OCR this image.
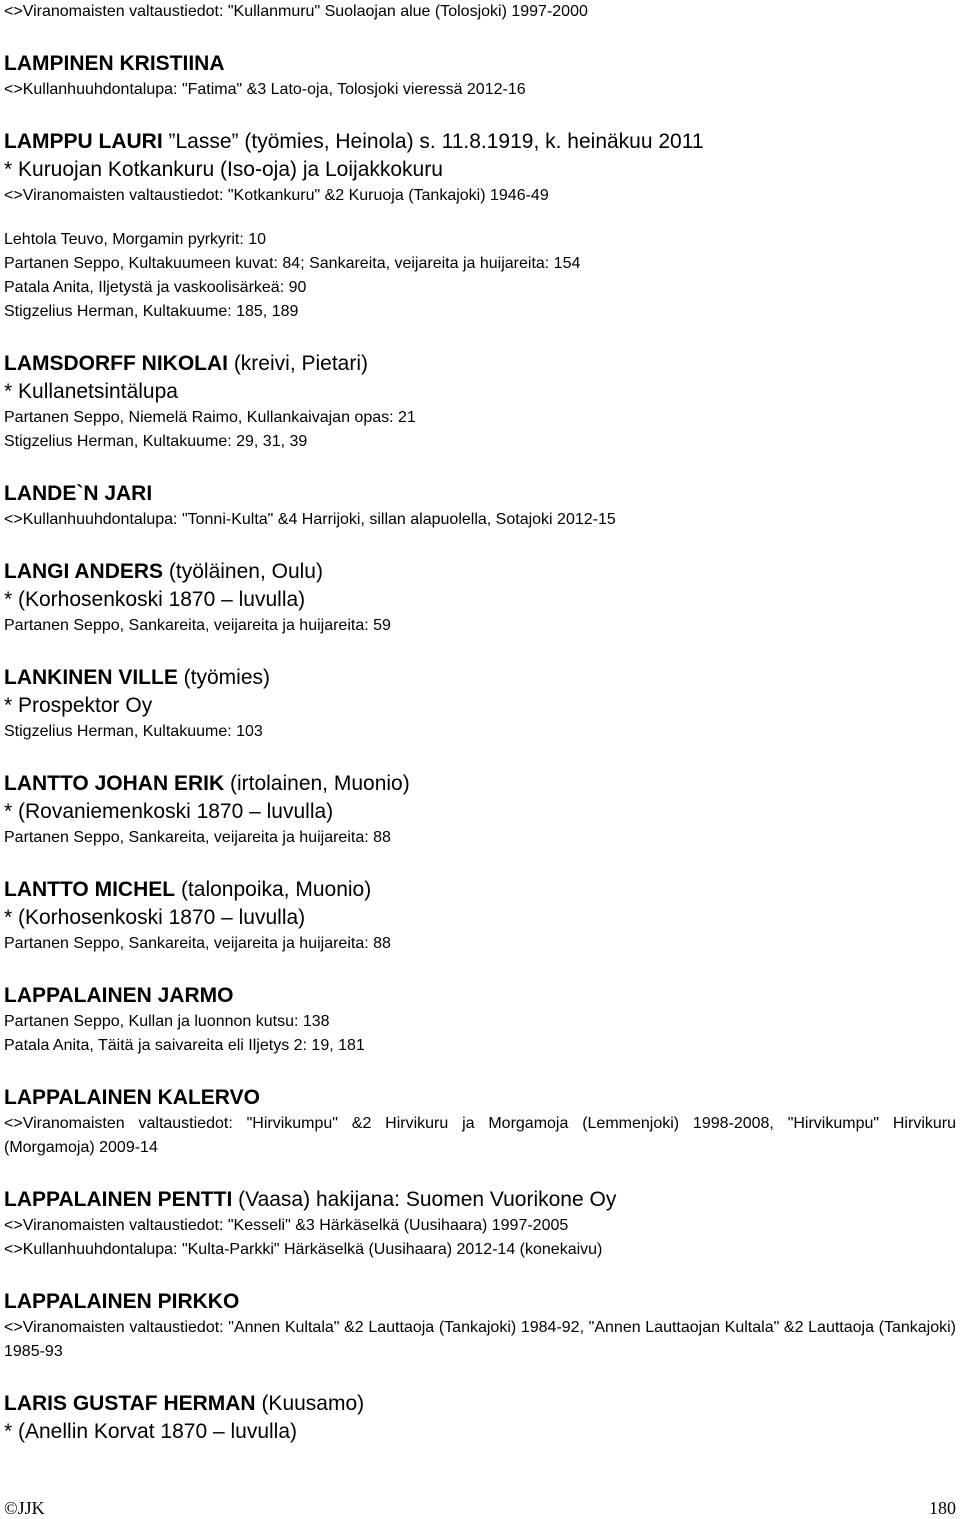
<>Viranomaisten valtaustiedot: "Kullanmuru" Suolaojan alue (Tolosjoki) 1997-2000
LAMPINEN KRISTIINA
<>Kullanhuuhdontalupa: "Fatima" &3 Lato-oja, Tolosjoki vieressä 2012-16
LAMPPU LAURI ”Lasse” (työmies, Heinola) s. 11.8.1919, k. heinäkuu 2011
* Kuruojan Kotkankuru (Iso-oja) ja Loijakkokuru
<>Viranomaisten valtaustiedot: "Kotkankuru" &2 Kuruoja (Tankajoki) 1946-49
Lehtola Teuvo, Morgamin pyrkyrit: 10
Partanen Seppo, Kultakuumeen kuvat: 84; Sankareita, veijareita ja huijareita: 154
Patala Anita, Iljetystä ja vaskoolisärkeä: 90
Stigzelius Herman, Kultakuume: 185, 189
LAMSDORFF NIKOLAI (kreivi, Pietari)
* Kullanetsintälupa
Partanen Seppo, Niemelä Raimo, Kullankaivajan opas: 21
Stigzelius Herman, Kultakuume: 29, 31, 39
LANDE`N JARI
<>Kullanhuuhdontalupa: "Tonni-Kulta" &4 Harrijoki, sillan alapuolella, Sotajoki 2012-15
LANGI ANDERS (työläinen, Oulu)
* (Korhosenkoski 1870 – luvulla)
Partanen Seppo, Sankareita, veijareita ja huijareita: 59
LANKINEN VILLE (työmies)
* Prospektor Oy
Stigzelius Herman, Kultakuume: 103
LANTTO JOHAN ERIK (irtolainen, Muonio)
* (Rovaniemenkoski 1870 – luvulla)
Partanen Seppo, Sankareita, veijareita ja huijareita: 88
LANTTO MICHEL (talonpoika, Muonio)
* (Korhosenkoski 1870 – luvulla)
Partanen Seppo, Sankareita, veijareita ja huijareita: 88
LAPPALAINEN JARMO
Partanen Seppo, Kullan ja luonnon kutsu: 138
Patala Anita, Täitä ja saivareita eli Iljetys 2: 19, 181
LAPPALAINEN KALERVO
<>Viranomaisten valtaustiedot: "Hirvikumpu" &2 Hirvikuru ja Morgamoja (Lemmenjoki) 1998-2008, "Hirvikumpu" Hirvikuru (Morgamoja) 2009-14
LAPPALAINEN PENTTI (Vaasa) hakijana: Suomen Vuorikone Oy
<>Viranomaisten valtaustiedot: "Kesseli" &3 Härkäselkä (Uusihaara) 1997-2005
<>Kullanhuuhdontalupa: "Kulta-Parkki" Härkäselkä (Uusihaara) 2012-14 (konekaivu)
LAPPALAINEN PIRKKO
<>Viranomaisten valtaustiedot: "Annen Kultala" &2 Lauttaoja (Tankajoki) 1984-92, "Annen Lauttaojan Kultala" &2 Lauttaoja (Tankajoki) 1985-93
LARIS GUSTAF HERMAN (Kuusamo)
* (Anellin Korvat 1870 – luvulla)
©JJK	180
